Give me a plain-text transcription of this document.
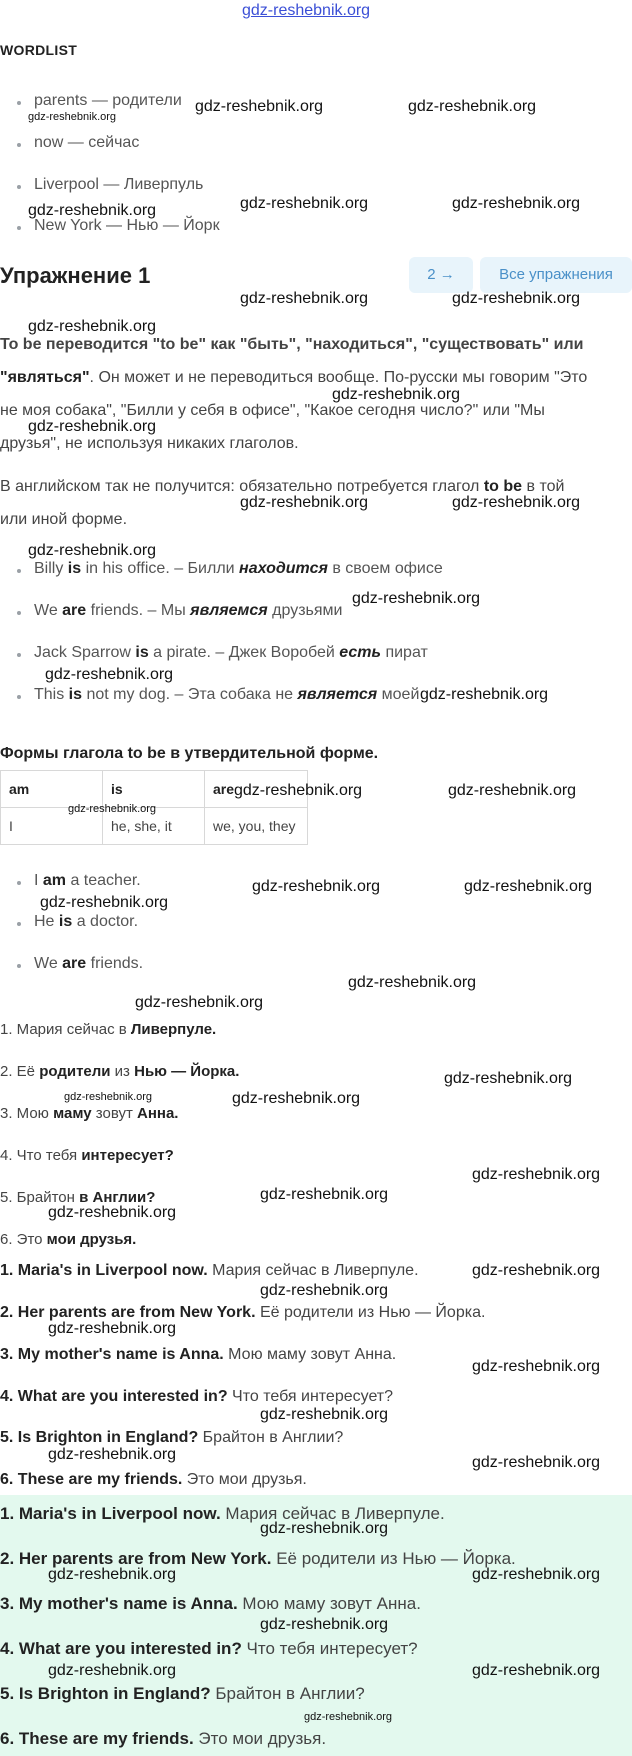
gdz-reshebnik.org
WORDLIST
parents — родители
now — сейчас
Liverpool — Ливерпуль
New York — Нью — Йорк
Упражнение 1	2 →	Все упражнения
To be переводится "to be" как "быть", "находиться", "существовать" или
"являться". Он может и не переводиться вообще. По-русски мы говорим "Это
не моя собака", "Билли у себя в офисе", "Какое сегодня число?" или "Мы
друзья", не используя никаких глаголов.
В английском так не получится: обязательно потребуется глагол to be в той
или иной форме.
Billy is in his office. – Билли находится в своем офисе
We are friends. – Мы являемся друзьями
Jack Sparrow is a pirate. – Джек Воробей есть пират
This is not my dog. – Эта собака не является моей
Формы глагола to be в утвердительной форме.
am	is	are
I	he, she, it	we, you, they
I am a teacher.
He is a doctor.
We are friends.
1. Мария сейчас в Ливерпуле.
2. Её родители из Нью — Йорка.
3. Мою маму зовут Анна.
4. Что тебя интересует?
5. Брайтон в Англии?
6. Это мои друзья.
1. Maria's in Liverpool now. Мария сейчас в Ливерпуле.
2. Her parents are from New York. Её родители из Нью — Йорка.
3. My mother's name is Anna. Мою маму зовут Анна.
4. What are you interested in? Что тебя интересует?
5. Is Brighton in England? Брайтон в Англии?
6. These are my friends. Это мои друзья.
1. Maria's in Liverpool now. Мария сейчас в Ливерпуле.
2. Her parents are from New York. Её родители из Нью — Йорка.
3. My mother's name is Anna. Мою маму зовут Анна.
4. What are you interested in? Что тебя интересует?
5. Is Brighton in England? Брайтон в Англии?
6. These are my friends. Это мои друзья.
gdz-reshebnik.org
gdz-reshebnik.org	gdz-reshebnik.org
gdz-reshebnik.org	gdz-reshebnik.org
gdz-reshebnik.org
gdz-reshebnik.org	gdz-reshebnik.org
gdz-reshebnik.org
gdz-reshebnik.org
gdz-reshebnik.org
gdz-reshebnik.org	gdz-reshebnik.org
gdz-reshebnik.org
gdz-reshebnik.org
gdz-reshebnik.org
gdz-reshebnik.org
gdz-reshebnik.org	gdz-reshebnik.org
gdz-reshebnik.org
gdz-reshebnik.org	gdz-reshebnik.org
gdz-reshebnik.org
gdz-reshebnik.org
gdz-reshebnik.org
gdz-reshebnik.org
gdz-reshebnik.org	gdz-reshebnik.org
gdz-reshebnik.org
gdz-reshebnik.org
gdz-reshebnik.org
gdz-reshebnik.org
gdz-reshebnik.org
gdz-reshebnik.org
gdz-reshebnik.org
gdz-reshebnik.org
gdz-reshebnik.org	gdz-reshebnik.org
gdz-reshebnik.org
gdz-reshebnik.org	gdz-reshebnik.org
gdz-reshebnik.org
gdz-reshebnik.org	gdz-reshebnik.org
gdz-reshebnik.org
